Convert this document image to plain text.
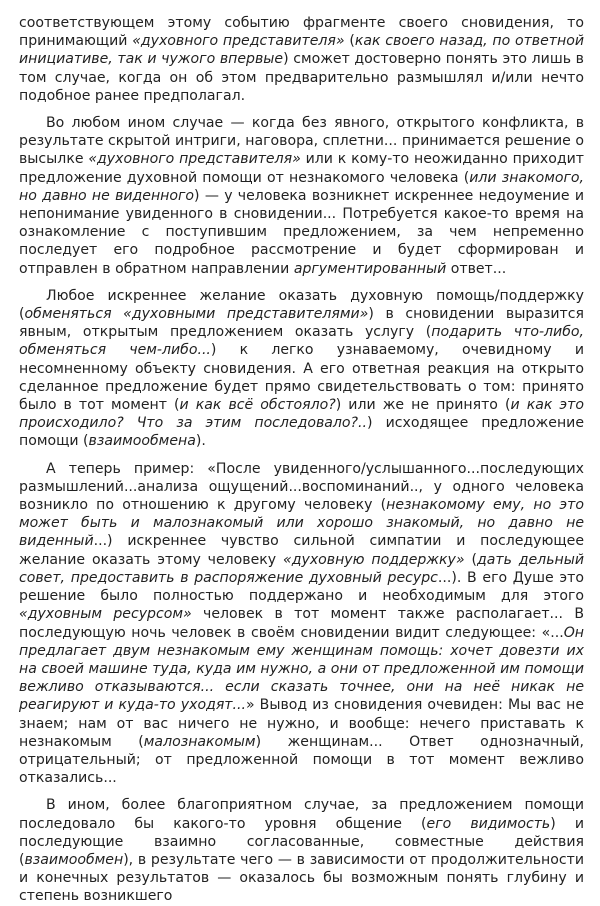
соответствующем этому событию фрагменте своего сновидения, то принимающий «духовного представителя» (как своего назад, по ответной инициативе, так и чужого впервые) сможет достоверно понять это лишь в том случае, когда он об этом предварительно размышлял и/или нечто подобное ранее предполагал.

Во любом ином случае — когда без явного, открытого конфликта, в результате скрытой интриги, наговора, сплетни... принимается решение о высылке «духовного представителя» или к кому-то неожиданно приходит предложение духовной помощи от незнакомого человека (или знакомого, но давно не виденного) — у человека возникнет искреннее недоумение и непонимание увиденного в сновидении... Потребуется какое-то время на ознакомление с поступившим предложением, за чем непременно последует его подробное рассмотрение и будет сформирован и отправлен в обратном направлении аргументированный ответ...

Любое искреннее желание оказать духовную помощь/поддержку (обменяться «духовными представителями») в сновидении выразится явным, открытым предложением оказать услугу (подарить что-либо, обменяться чем-либо...) к легко узнаваемому, очевидному и несомненному объекту сновидения. А его ответная реакция на открыто сделанное предложение будет прямо свидетельствовать о том: принято было в тот момент (и как всё обстояло?) или же не принято (и как это происходило? Что за этим последовало?..) исходящее предложение помощи (взаимообмена).

А теперь пример: «После увиденного/услышанного...последующих размышлений...анализа ощущений...воспоминаний.., у одного человека возникло по отношению к другому человеку (незнакомому ему, но это может быть и малознакомый или хорошо знакомый, но давно не виденный...) искреннее чувство сильной симпатии и последующее желание оказать этому человеку «духовную поддержку» (дать дельный совет, предоставить в распоряжение духовный ресурс...). В его Душе это решение было полностью поддержано и необходимым для этого «духовным ресурсом» человек в тот момент также располагает... В последующую ночь человек в своём сновидении видит следующее: «...Он предлагает двум незнакомым ему женщинам помощь: хочет довезти их на своей машине туда, куда им нужно, а они от предложенной им помощи вежливо отказываются... если сказать точнее, они на неё никак не реагируют и куда-то уходят...» Вывод из сновидения очевиден: Мы вас не знаем; нам от вас ничего не нужно, и вообще: нечего приставать к незнакомым (малознакомым) женщинам... Ответ однозначный, отрицательный; от предложенной помощи в тот момент вежливо отказались...

В ином, более благоприятном случае, за предложением помощи последовало бы какого-то уровня общение (его видимость) и последующие взаимно согласованные, совместные действия (взаимообмен), в результате чего — в зависимости от продолжительности и конечных результатов — оказалось бы возможным понять глубину и степень возникшего
